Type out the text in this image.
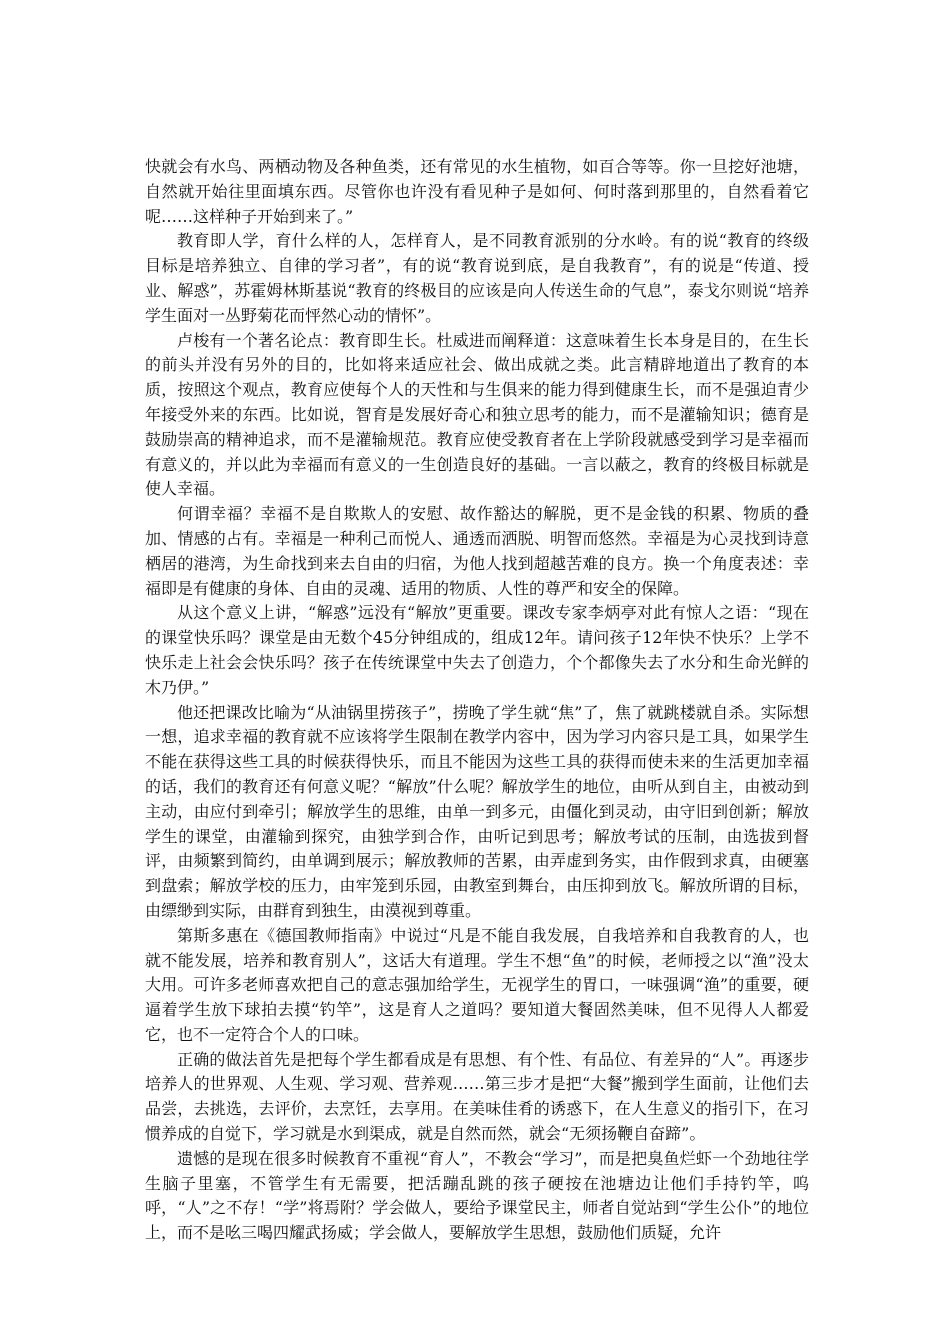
快就会有水鸟、两栖动物及各种鱼类，还有常见的水生植物，如百合等等。你一旦挖好池塘，自然就开始往里面填东西。尽管你也许没有看见种子是如何、何时落到那里的，自然看着它呢……这样种子开始到来了。”

教育即人学，育什么样的人，怎样育人，是不同教育派别的分水岭。有的说“教育的终级目标是培养独立、自律的学习者”，有的说“教育说到底，是自我教育”，有的说是“传道、授业、解惑”，苏霍姆林斯基说“教育的终极目的应该是向人传送生命的气息”，泰戈尔则说“培养学生面对一丛野菊花而怦然心动的情怀”。

卢梭有一个著名论点：教育即生长。杜威进而阐释道：这意味着生长本身是目的，在生长的前头并没有另外的目的，比如将来适应社会、做出成就之类。此言精辟地道出了教育的本质，按照这个观点，教育应使每个人的天性和与生俱来的能力得到健康生长，而不是强迫青少年接受外来的东西。比如说，智育是发展好奇心和独立思考的能力，而不是灌输知识；德育是鼓励崇高的精神追求，而不是灌输规范。教育应使受教育者在上学阶段就感受到学习是幸福而有意义的，并以此为幸福而有意义的一生创造良好的基础。一言以蔽之，教育的终极目标就是使人幸福。

何谓幸福？幸福不是自欺欺人的安慰、故作豁达的解脱，更不是金钱的积累、物质的叠加、情感的占有。幸福是一种利己而悦人、通透而洒脱、明智而悠然。幸福是为心灵找到诗意栖居的港湾，为生命找到来去自由的归宿，为他人找到超越苦难的良方。换一个角度表述：幸福即是有健康的身体、自由的灵魂、适用的物质、人性的尊严和安全的保障。

从这个意义上讲，“解惑”远没有“解放”更重要。课改专家李炳亭对此有惊人之语：“现在的课堂快乐吗？课堂是由无数个45分钟组成的，组成12年。请问孩子12年快不快乐？上学不快乐走上社会会快乐吗？孩子在传统课堂中失去了创造力，个个都像失去了水分和生命光鲜的木乃伊。”

他还把课改比喻为“从油锅里捞孩子”，捞晚了学生就“焦”了，焦了就跳楼就自杀。实际想一想，追求幸福的教育就不应该将学生限制在教学内容中，因为学习内容只是工具，如果学生不能在获得这些工具的时候获得快乐，而且不能因为这些工具的获得而使未来的生活更加幸福的话，我们的教育还有何意义呢？“解放”什么呢？解放学生的地位，由听从到自主，由被动到主动，由应付到牵引；解放学生的思维，由单一到多元，由僵化到灵动，由守旧到创新；解放学生的课堂，由灌输到探究，由独学到合作，由听记到思考；解放考试的压制，由选拔到督评，由频繁到简约，由单调到展示；解放教师的苦累，由弄虚到务实，由作假到求真，由硬塞到盘索；解放学校的压力，由牢笼到乐园，由教室到舞台，由压抑到放飞。解放所谓的目标，由缥缈到实际，由群育到独生，由漠视到尊重。

第斯多惠在《德国教师指南》中说过“凡是不能自我发展，自我培养和自我教育的人，也就不能发展，培养和教育别人”，这话大有道理。学生不想“鱼”的时候，老师授之以“渔”没太大用。可许多老师喜欢把自己的意志强加给学生，无视学生的胃口，一味强调“渔”的重要，硬逼着学生放下球拍去摸“钓竿”，这是育人之道吗？要知道大餐固然美味，但不见得人人都爱它，也不一定符合个人的口味。

正确的做法首先是把每个学生都看成是有思想、有个性、有品位、有差异的“人”。再逐步培养人的世界观、人生观、学习观、营养观……第三步才是把“大餐”搬到学生面前，让他们去品尝，去挑选，去评价，去烹饪，去享用。在美味佳肴的诱惑下，在人生意义的指引下，在习惯养成的自觉下，学习就是水到渠成，就是自然而然，就会“无须扬鞭自奋蹄”。

遗憾的是现在很多时候教育不重视“育人”，不教会“学习”，而是把臭鱼烂虾一个劲地往学生脑子里塞，不管学生有无需要，把活蹦乱跳的孩子硬按在池塘边让他们手持钓竿，呜呼，“人”之不存！“学”将焉附？学会做人，要给予课堂民主，师者自觉站到“学生公仆”的地位上，而不是吆三喝四耀武扬威；学会做人，要解放学生思想，鼓励他们质疑，允许
